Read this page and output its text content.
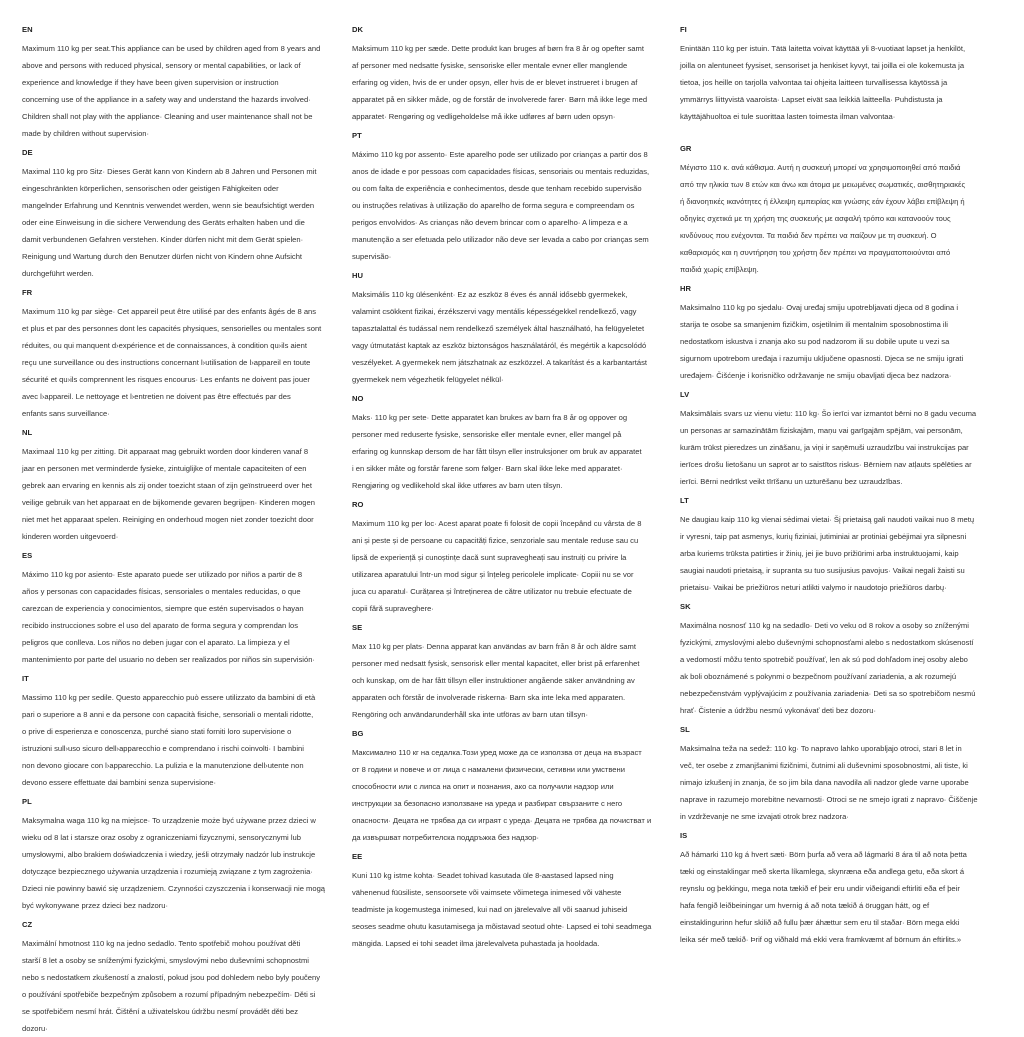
EN
Maximum 110 kg per seat.This appliance can be used by children aged from 8 years and
above and persons with reduced physical, sensory or mental capabilities, or lack of
experience and knowledge if they have been given supervision or instruction
concerning use of the appliance in a safety way and understand the hazards involved·
Children shall not play with the appliance· Cleaning and user maintenance shall not be
made by children without supervision·
DE
Maximal 110 kg pro Sitz· Dieses Gerät kann von Kindern ab 8 Jahren und Personen mit
eingeschränkten körperlichen, sensorischen oder geistigen Fähigkeiten oder
mangelnder Erfahrung und Kenntnis verwendet werden, wenn sie beaufsichtigt werden
oder eine Einweisung in die sichere Verwendung des Geräts erhalten haben und die
damit verbundenen Gefahren verstehen. Kinder dürfen nicht mit dem Gerät spielen·
Reinigung und Wartung durch den Benutzer dürfen nicht von Kindern ohne Aufsicht
durchgeführt werden.
FR
Maximum 110 kg par siège· Cet appareil peut être utilisé par des enfants âgés de 8 ans
et plus et par des personnes dont les capacités physiques, sensorielles ou mentales sont
réduites, ou qui manquent d›expérience et de connaissances, à condition qu›ils aient
reçu une surveillance ou des instructions concernant l›utilisation de l›appareil en toute
sécurité et qu›ils comprennent les risques encourus· Les enfants ne doivent pas jouer
avec l›appareil. Le nettoyage et l›entretien ne doivent pas être effectués par des
enfants sans surveillance·
NL
Maximaal 110 kg per zitting. Dit apparaat mag gebruikt worden door kinderen vanaf 8
jaar en personen met verminderde fysieke, zintuiglijke of mentale capaciteiten of een
gebrek aan ervaring en kennis als zij onder toezicht staan of zijn geïnstrueerd over het
veilige gebruik van het apparaat en de bijkomende gevaren begrijpen· Kinderen mogen
niet met het apparaat spelen. Reiniging en onderhoud mogen niet zonder toezicht door
kinderen worden uitgevoerd·
ES
Máximo 110 kg por asiento· Este aparato puede ser utilizado por niños a partir de 8
años y personas con capacidades físicas, sensoriales o mentales reducidas, o que
carezcan de experiencia y conocimientos, siempre que estén supervisados o hayan
recibido instrucciones sobre el uso del aparato de forma segura y comprendan los
peligros que conlleva. Los niños no deben jugar con el aparato. La limpieza y el
mantenimiento por parte del usuario no deben ser realizados por niños sin supervisión·
IT
Massimo 110 kg per sedile. Questo apparecchio può essere utilizzato da bambini di età
pari o superiore a 8 anni e da persone con capacità fisiche, sensoriali o mentali ridotte,
o prive di esperienza e conoscenza, purché siano stati forniti loro supervisione o
istruzioni sull›uso sicuro dell›apparecchio e comprendano i rischi coinvolti· I bambini
non devono giocare con l›apparecchio. La pulizia e la manutenzione dell›utente non
devono essere effettuate dai bambini senza supervisione·
PL
Maksymalna waga 110 kg na miejsce· To urządzenie może być używane przez dzieci w
wieku od 8 lat i starsze oraz osoby z ograniczeniami fizycznymi, sensorycznymi lub
umysłowymi, albo brakiem doświadczenia i wiedzy, jeśli otrzymały nadzór lub instrukcje
dotyczące bezpiecznego używania urządzenia i rozumieją związane z tym zagrożenia·
Dzieci nie powinny bawić się urządzeniem. Czynności czyszczenia i konserwacji nie mogą
być wykonywane przez dzieci bez nadzoru·
CZ
Maximální hmotnost 110 kg na jedno sedadlo. Tento spotřebič mohou používat děti
starší 8 let a osoby se sníženými fyzickými, smyslovými nebo duševními schopnostmi
nebo s nedostatkem zkušeností a znalostí, pokud jsou pod dohledem nebo byly poučeny
o používání spotřebiče bezpečným způsobem a rozumí případným nebezpečím· Děti si
se spotřebičem nesmí hrát. Čištění a uživatelskou údržbu nesmí provádět děti bez
dozoru·
DK
Maksimum 110 kg per sæde. Dette produkt kan bruges af børn fra 8 år og opefter samt
af personer med nedsatte fysiske, sensoriske eller mentale evner eller manglende
erfaring og viden, hvis de er under opsyn, eller hvis de er blevet instrueret i brugen af
apparatet på en sikker måde, og de forstår de involverede farer· Børn må ikke lege med
apparatet· Rengøring og vedligeholdelse må ikke udføres af børn uden opsyn·
PT
Máximo 110 kg por assento· Este aparelho pode ser utilizado por crianças a partir dos 8
anos de idade e por pessoas com capacidades físicas, sensoriais ou mentais reduzidas,
ou com falta de experiência e conhecimentos, desde que tenham recebido supervisão
ou instruções relativas à utilização do aparelho de forma segura e compreendam os
perigos envolvidos· As crianças não devem brincar com o aparelho· A limpeza e a
manutenção a ser efetuada pelo utilizador não deve ser levada a cabo por crianças sem
supervisão·
HU
Maksimális 110 kg ülésenként· Ez az eszköz 8 éves és annál idősebb gyermekek,
valamint csökkent fizikai, érzékszervi vagy mentális képességekkel rendelkező, vagy
tapasztalattal és tudással nem rendelkező személyek által használható, ha felügyeletet
vagy útmutatást kaptak az eszköz biztonságos használatáról, és megértik a kapcsolódó
veszélyeket. A gyermekek nem játszhatnak az eszközzel. A takarítást és a karbantartást
gyermekek nem végezhetik felügyelet nélkül·
NO
Maks· 110 kg per sete· Dette apparatet kan brukes av barn fra 8 år og oppover og
personer med reduserte fysiske, sensoriske eller mentale evner, eller mangel på
erfaring og kunnskap dersom de har fått tilsyn eller instruksjoner om bruk av apparatet
i en sikker måte og forstår farene som følger· Barn skal ikke leke med apparatet·
Rengjøring og vedlikehold skal ikke utføres av barn uten tilsyn.
RO
Maximum 110 kg per loc· Acest aparat poate fi folosit de copii începând cu vârsta de 8
ani și peste și de persoane cu capacități fizice, senzoriale sau mentale reduse sau cu
lipsă de experiență și cunoștințe dacă sunt supravegheați sau instruiți cu privire la
utilizarea aparatului într-un mod sigur și înțeleg pericolele implicate· Copiii nu se vor
juca cu aparatul· Curățarea și întreținerea de către utilizator nu trebuie efectuate de
copii fără supraveghere·
SE
Max 110 kg per plats· Denna apparat kan användas av barn från 8 år och äldre samt
personer med nedsatt fysisk, sensorisk eller mental kapacitet, eller brist på erfarenhet
och kunskap, om de har fått tillsyn eller instruktioner angående säker användning av
apparaten och förstår de involverade riskerna· Barn ska inte leka med apparaten.
Rengöring och användarunderhåll ska inte utföras av barn utan tillsyn·
BG
Максимално 110 кг на седалка.Този уред може да се използва от деца на възраст
от 8 години и повече и от лица с намалени физически, сетивни или умствени
способности или с липса на опит и познания, ако са получили надзор или
инструкции за безопасно използване на уреда и разбират свързаните с него
опасности· Децата не трябва да си играят с уреда· Децата не трябва да почистват и
да извършват потребителска поддръжка без надзор·
EE
Kuni 110 kg istme kohta· Seadet tohivad kasutada üle 8-aastased lapsed ning
vähenenud füüsiliste, sensoorsete või vaimsete võimetega inimesed või väheste
teadmiste ja kogemustega inimesed, kui nad on järelevalve all või saanud juhiseid
seoses seadme ohutu kasutamisega ja mõistavad seotud ohte· Lapsed ei tohi seadmega
mängida. Lapsed ei tohi seadet ilma järelevalveta puhastada ja hooldada.
FI
Enintään 110 kg per istuin. Tätä laitetta voivat käyttää yli 8-vuotiaat lapset ja henkilöt,
joilla on alentuneet fyysiset, sensoriset ja henkiset kyvyt, tai joilla ei ole kokemusta ja
tietoa, jos heille on tarjolla valvontaa tai ohjeita laitteen turvallisessa käytössä ja
ymmärrys liittyvistä vaaroista· Lapset eivät saa leikkiä laitteella· Puhdistusta ja
käyttäjähuoltoa ei tule suorittaa lasten toimesta ilman valvontaa·
GR
Μέγιστο 110 κ. ανά κάθισμα. Αυτή η συσκευή μπορεί να χρησιμοποιηθεί από παιδιά
από την ηλικία των 8 ετών και άνω και άτομα με μειωμένες σωματικές, αισθητηριακές
ή διανοητικές ικανότητες ή έλλειψη εμπειρίας και γνώσης εάν έχουν λάβει επίβλεψη ή
οδηγίες σχετικά με τη χρήση της συσκευής με ασφαλή τρόπο και κατανοούν τους
κινδύνους που ενέχονται. Τα παιδιά δεν πρέπει να παίζουν με τη συσκευή. Ο
καθαρισμός και η συντήρηση του χρήστη δεν πρέπει να πραγματοποιούνται από
παιδιά χωρίς επίβλεψη.
HR
Maksimalno 110 kg po sjedalu· Ovaj uređaj smiju upotrebljavati djeca od 8 godina i
starija te osobe sa smanjenim fizičkim, osjetilnim ili mentalnim sposobnostima ili
nedostatkom iskustva i znanja ako su pod nadzorom ili su dobile upute u vezi sa
sigurnom upotrebom uređaja i razumiju uključene opasnosti. Djeca se ne smiju igrati
uređajem· Čišćenje i korisničko održavanje ne smiju obavljati djeca bez nadzora·
LV
Maksimālais svars uz vienu vietu: 110 kg· Šo ierīci var izmantot bērni no 8 gadu vecuma
un personas ar samazinātām fiziskajām, maņu vai garīgajām spējām, vai personām,
kurām trūkst pieredzes un zināšanu, ja viņi ir saņēmuši uzraudzību vai instrukcijas par
ierīces drošu lietošanu un saprot ar to saistītos riskus· Bērniem nav atļauts spēlēties ar
ierīci. Bērni nedrīkst veikt tīrīšanu un uzturēšanu bez uzraudzības.
LT
Ne daugiau kaip 110 kg vienai sėdimai vietai· Šį prietaisą gali naudoti vaikai nuo 8 metų
ir vyresni, taip pat asmenys, kurių fiziniai, jutiminiai ar protiniai gebėjimai yra silpnesni
arba kuriems trūksta patirties ir žinių, jei jie buvo prižiūrimi arba instruktuojami, kaip
saugiai naudoti prietaisą, ir supranta su tuo susijusius pavojus· Vaikai negali žaisti su
prietaisu· Vaikai be priežiūros neturi atlikti valymo ir naudotojo priežiūros darbų·
SK
Maximálna nosnosť 110 kg na sedadlo· Deti vo veku od 8 rokov a osoby so zníženými
fyzickými, zmyslovými alebo duševnými schopnosťami alebo s nedostatkom skúseností
a vedomostí môžu tento spotrebič používať, len ak sú pod dohľadom inej osoby alebo
ak boli oboznámené s pokynmi o bezpečnom používaní zariadenia, a ak rozumejú
nebezpečenstvám vyplývajúcim z používania zariadenia· Deti sa so spotrebičom nesmú
hrať· Čistenie a údržbu nesmú vykonávať deti bez dozoru·
SL
Maksimalna teža na sedež: 110 kg· To napravo lahko uporabljajo otroci, stari 8 let in
več, ter osebe z zmanjšanimi fizičnimi, čutnimi ali duševnimi sposobnostmi, ali tiste, ki
nimajo izkušenj in znanja, če so jim bila dana navodila ali nadzor glede varne uporabe
naprave in razumejo morebitne nevarnosti· Otroci se ne smejo igrati z napravo· Čiščenje
in vzdrževanje ne sme izvajati otrok brez nadzora·
IS
Að hámarki 110 kg á hvert sæti· Börn þurfa að vera að lágmarki 8 ára til að nota þetta
tæki og einstaklingar með skerta líkamlega, skynræna eða andlega getu, eða skort á
reynslu og þekkingu, mega nota tækið ef þeir eru undir viðeigandi eftirliti eða ef þeir
hafa fengið leiðbeiningar um hvernig á að nota tækið á öruggan hátt, og ef
einstaklingurinn hefur skilið að fullu þær áhættur sem eru til staðar· Börn mega ekki
leika sér með tækið· Þrif og viðhald má ekki vera framkvæmt af börnum án eftirlits.»
